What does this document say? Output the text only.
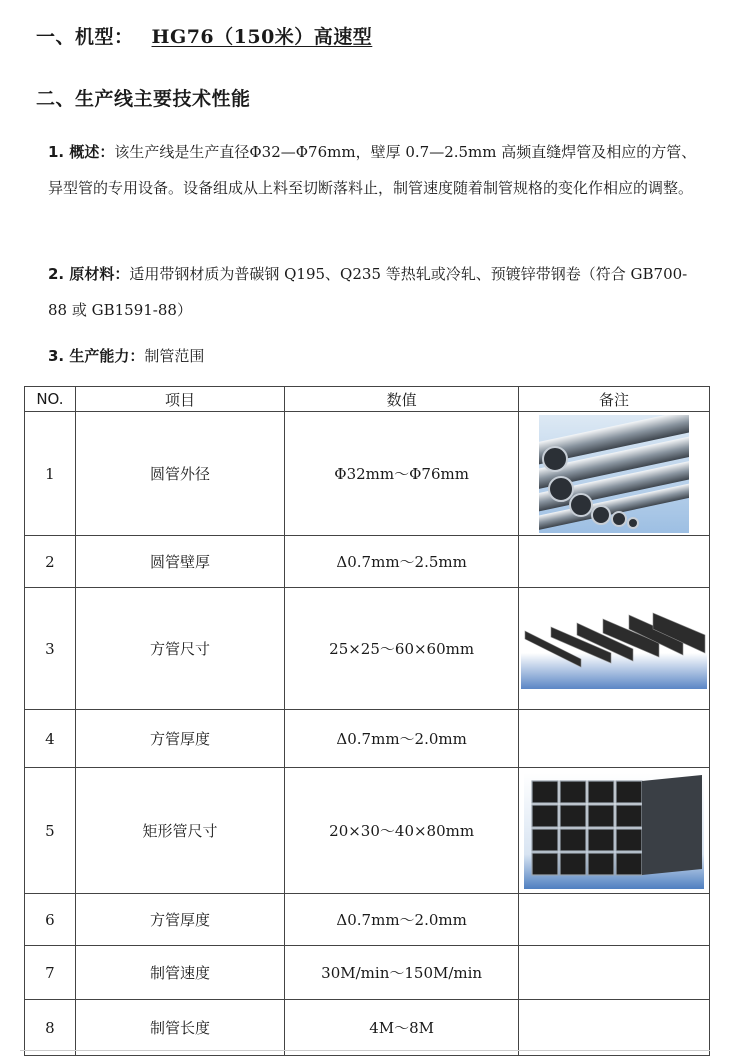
一、机型： HG76（150米）高速型
二、生产线主要技术性能
1. 概述：该生产线是生产直径Φ32—Φ76mm，壁厚 0.7—2.5mm 高频直缝焊管及相应的方管、异型管的专用设备。设备组成从上料至切断落料止，制管速度随着制管规格的变化作相应的调整。
2. 原材料：适用带钢材质为普碳钢 Q195、Q235 等热轧或冷轧、预镀锌带钢卷（符合 GB700-88 或 GB1591-88）
3. 生产能力：制管范围
NO.	项目	数值	备注
1	圆管外径	Φ32mm～Φ76mm	

2	圆管壁厚	Δ0.7mm～2.5mm	
3	方管尺寸	25×25～60×60mm	

4	方管厚度	Δ0.7mm～2.0mm	
5	矩形管尺寸	20×30～40×80mm	

6	方管厚度	Δ0.7mm～2.0mm	
7	制管速度	30M/min～150M/min	
8	制管长度	4M～8M	
